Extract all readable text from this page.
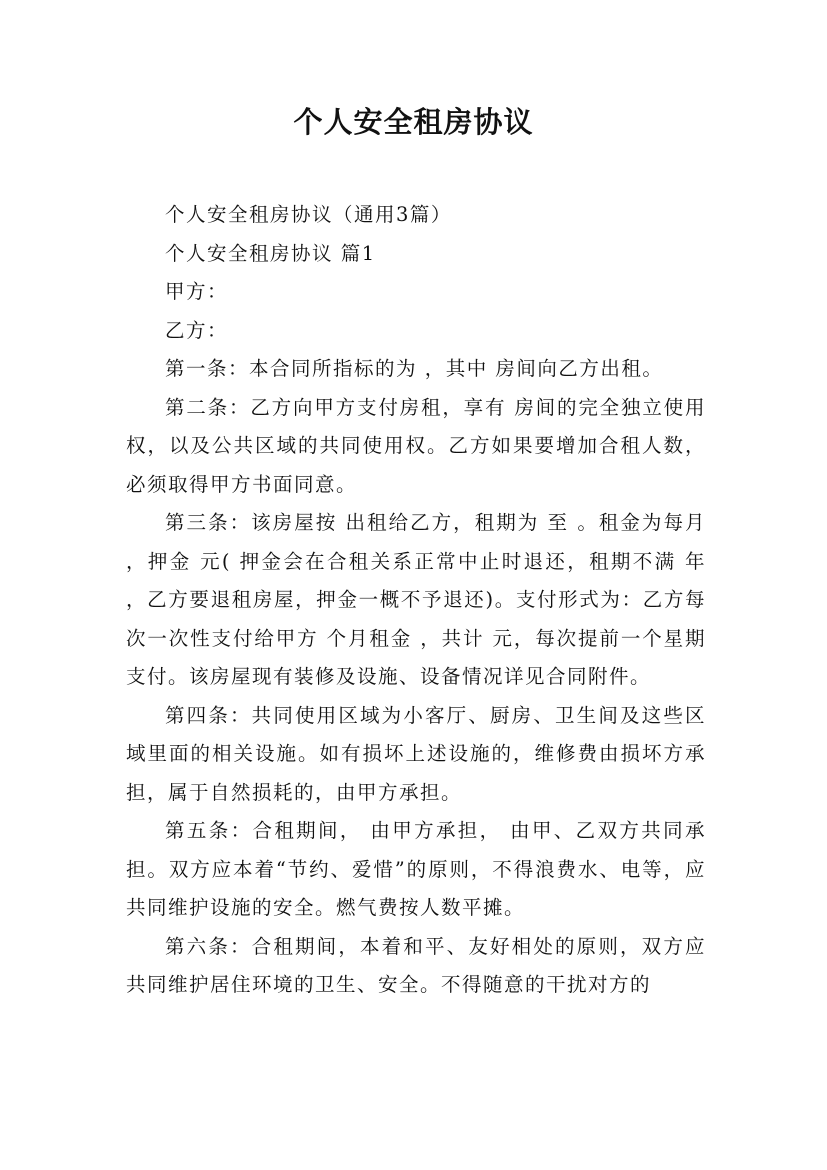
个人安全租房协议

个人安全租房协议（通用3篇）

个人安全租房协议 篇1

甲方：

乙方：

第一条：本合同所指标的为 ，其中 房间向乙方出租。

第二条：乙方向甲方支付房租，享有 房间的完全独立使用权，以及公共区域的共同使用权。乙方如果要增加合租人数，必须取得甲方书面同意。

第三条：该房屋按 出租给乙方，租期为 至 。租金为每月 ，押金 元( 押金会在合租关系正常中止时退还，租期不满 年 ，乙方要退租房屋，押金一概不予退还)。支付形式为：乙方每次一次性支付给甲方 个月租金 ，共计 元，每次提前一个星期支付。该房屋现有装修及设施、设备情况详见合同附件。

第四条：共同使用区域为小客厅、厨房、卫生间及这些区域里面的相关设施。如有损坏上述设施的，维修费由损坏方承担，属于自然损耗的，由甲方承担。

第五条：合租期间， 由甲方承担， 由甲、乙双方共同承担。双方应本着“节约、爱惜”的原则，不得浪费水、电等，应共同维护设施的安全。燃气费按人数平摊。

第六条：合租期间，本着和平、友好相处的原则，双方应共同维护居住环境的卫生、安全。不得随意的干扰对方的
